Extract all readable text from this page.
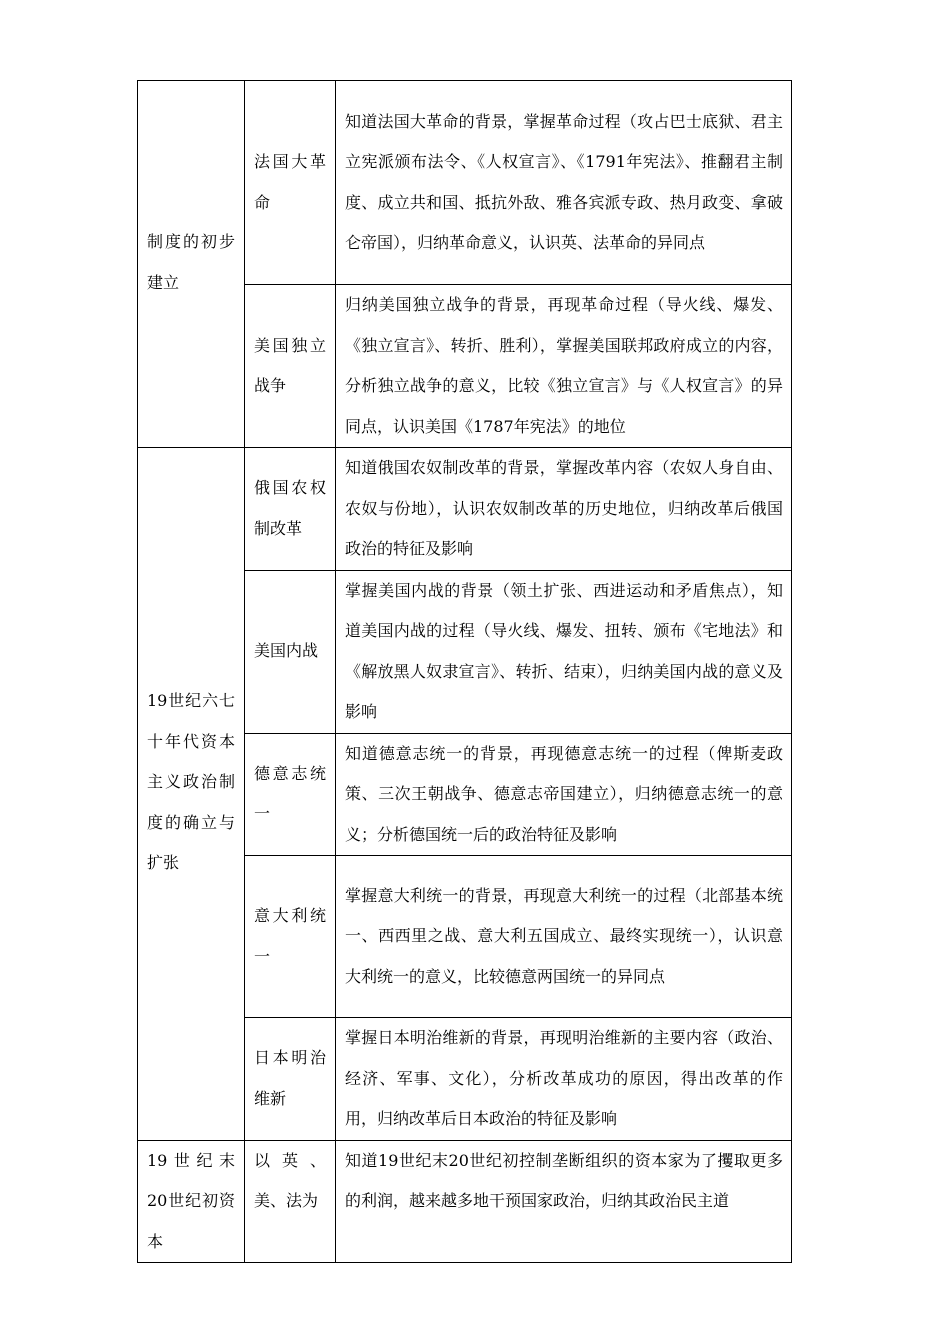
制度的初步建立	法国大革命	知道法国大革命的背景，掌握革命过程（攻占巴士底狱、君主立宪派颁布法令、《人权宣言》、《1791年宪法》、推翻君主制度、成立共和国、抵抗外敌、雅各宾派专政、热月政变、拿破仑帝国），归纳革命意义，认识英、法革命的异同点
	美国独立战争	归纳美国独立战争的背景，再现革命过程（导火线、爆发、《独立宣言》、转折、胜利），掌握美国联邦政府成立的内容，分析独立战争的意义，比较《独立宣言》与《人权宣言》的异同点，认识美国《1787年宪法》的地位
19世纪六七十年代资本主义政治制度的确立与扩张	俄国农权制改革	知道俄国农奴制改革的背景，掌握改革内容（农奴人身自由、农奴与份地），认识农奴制改革的历史地位，归纳改革后俄国政治的特征及影响
	美国内战	掌握美国内战的背景（领土扩张、西进运动和矛盾焦点），知道美国内战的过程（导火线、爆发、扭转、颁布《宅地法》和《解放黑人奴隶宣言》、转折、结束），归纳美国内战的意义及影响
	德意志统一	知道德意志统一的背景，再现德意志统一的过程（俾斯麦政策、三次王朝战争、德意志帝国建立），归纳德意志统一的意义；分析德国统一后的政治特征及影响
	意大利统一	掌握意大利统一的背景，再现意大利统一的过程（北部基本统一、西西里之战、意大利五国成立、最终实现统一），认识意大利统一的意义，比较德意两国统一的异同点
	日本明治维新	掌握日本明治维新的背景，再现明治维新的主要内容（政治、经济、军事、文化），分析改革成功的原因，得出改革的作用，归纳改革后日本政治的特征及影响
19世纪末20世纪初资本	以英、美、法为	知道19世纪末20世纪初控制垄断组织的资本家为了攫取更多的利润，越来越多地干预国家政治，归纳其政治民主道
